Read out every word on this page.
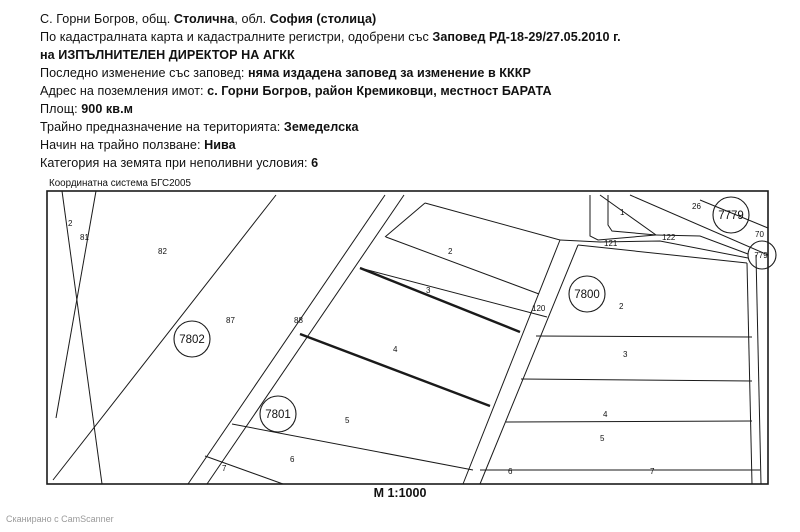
С. Горни Богров, общ. Столична, обл. София (столица)
По кадастралната карта и кадастралните регистри, одобрени със Заповед РД-18-29/27.05.2010 г.
на ИЗПЪЛНИТЕЛЕН ДИРЕКТОР НА АГКК
Последно изменение със заповед: няма издадена заповед за изменение в КККР
Адрес на поземления имот: с. Горни Богров, район Кремиковци, местност БАРАТА
Площ: 900 кв.м
Трайно предназначение на територията: Земеделска
Начин на трайно ползване: Нива
Категория на земята при неполивни условия: 6
Координатна система БГС2005
7802
7801
7800
7779
779
2
81
82
87	88
2
3
4
5
6
7
120
121
122
1
26
70
2
3
4
5
6	7
М 1:1000
Сканирано с CamScanner
